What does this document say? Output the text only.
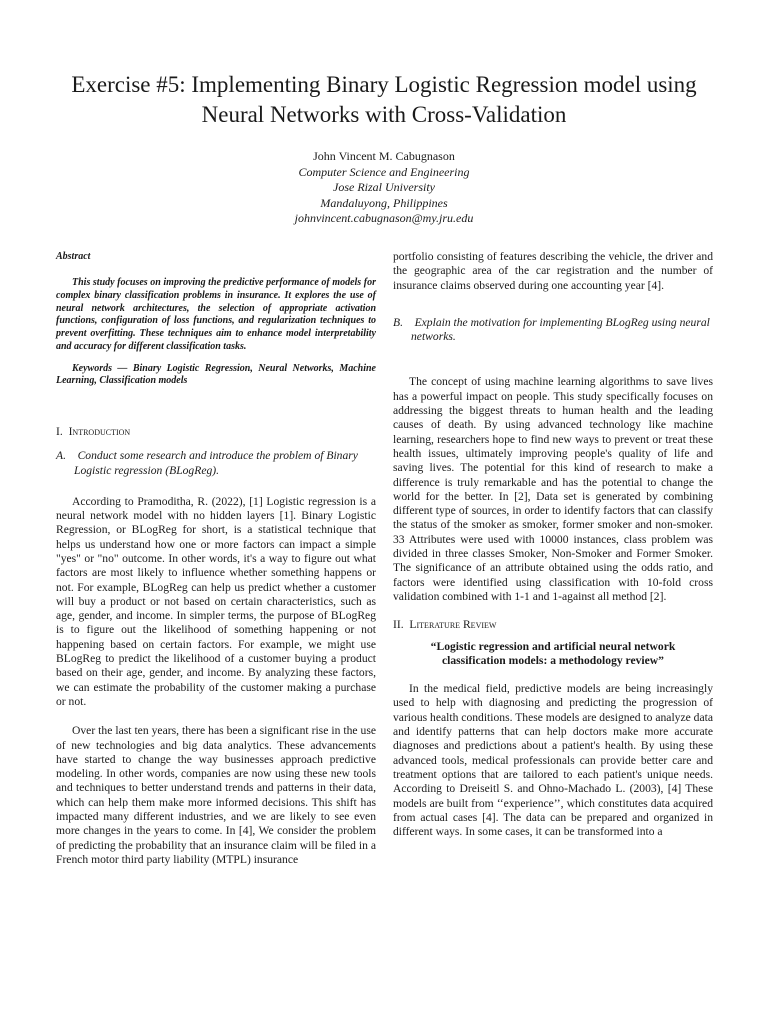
Exercise #5: Implementing Binary Logistic Regression model using Neural Networks with Cross-Validation
John Vincent M. Cabugnason
Computer Science and Engineering
Jose Rizal University
Mandaluyong, Philippines
johnvincent.cabugnason@my.jru.edu

Abstract

This study focuses on improving the predictive performance of models for complex binary classification problems in insurance. It explores the use of neural network architectures, the selection of appropriate activation functions, configuration of loss functions, and regularization techniques to prevent overfitting. These techniques aim to enhance model interpretability and accuracy for different classification tasks.

Keywords — Binary Logistic Regression, Neural Networks, Machine Learning, Classification models

I. Introduction

A. Conduct some research and introduce the problem of Binary Logistic regression (BLogReg).

According to Pramoditha, R. (2022), [1] Logistic regression is a neural network model with no hidden layers [1]. Binary Logistic Regression, or BLogReg for short, is a statistical technique that helps us understand how one or more factors can impact a simple "yes" or "no" outcome. In other words, it's a way to figure out what factors are most likely to influence whether something happens or not. For example, BLogReg can help us predict whether a customer will buy a product or not based on certain characteristics, such as age, gender, and income. In simpler terms, the purpose of BLogReg is to figure out the likelihood of something happening or not happening based on certain factors. For example, we might use BLogReg to predict the likelihood of a customer buying a product based on their age, gender, and income. By analyzing these factors, we can estimate the probability of the customer making a purchase or not.

Over the last ten years, there has been a significant rise in the use of new technologies and big data analytics. These advancements have started to change the way businesses approach predictive modeling. In other words, companies are now using these new tools and techniques to better understand trends and patterns in their data, which can help them make more informed decisions. This shift has impacted many different industries, and we are likely to see even more changes in the years to come. In [4], We consider the problem of predicting the probability that an insurance claim will be filed in a French motor third party liability (MTPL) insurance

portfolio consisting of features describing the vehicle, the driver and the geographic area of the car registration and the number of insurance claims observed during one accounting year [4].

B. Explain the motivation for implementing BLogReg using neural networks.

The concept of using machine learning algorithms to save lives has a powerful impact on people. This study specifically focuses on addressing the biggest threats to human health and the leading causes of death. By using advanced technology like machine learning, researchers hope to find new ways to prevent or treat these health issues, ultimately improving people's quality of life and saving lives. The potential for this kind of research to make a difference is truly remarkable and has the potential to change the world for the better. In [2], Data set is generated by combining different type of sources, in order to identify factors that can classify the status of the smoker as smoker, former smoker and non-smoker. 33 Attributes were used with 10000 instances, class problem was divided in three classes Smoker, Non-Smoker and Former Smoker. The significance of an attribute obtained using the odds ratio, and factors were identified using classification with 10-fold cross validation combined with 1-1 and 1-against all method [2].

II. Literature Review

“Logistic regression and artificial neural network classification models: a methodology review”

In the medical field, predictive models are being increasingly used to help with diagnosing and predicting the progression of various health conditions. These models are designed to analyze data and identify patterns that can help doctors make more accurate diagnoses and predictions about a patient's health. By using these advanced tools, medical professionals can provide better care and treatment options that are tailored to each patient's unique needs. According to Dreiseitl S. and Ohno-Machado L. (2003), [4] These models are built from ‘‘experience’’, which constitutes data acquired from actual cases [4]. The data can be prepared and organized in different ways. In some cases, it can be transformed into a
